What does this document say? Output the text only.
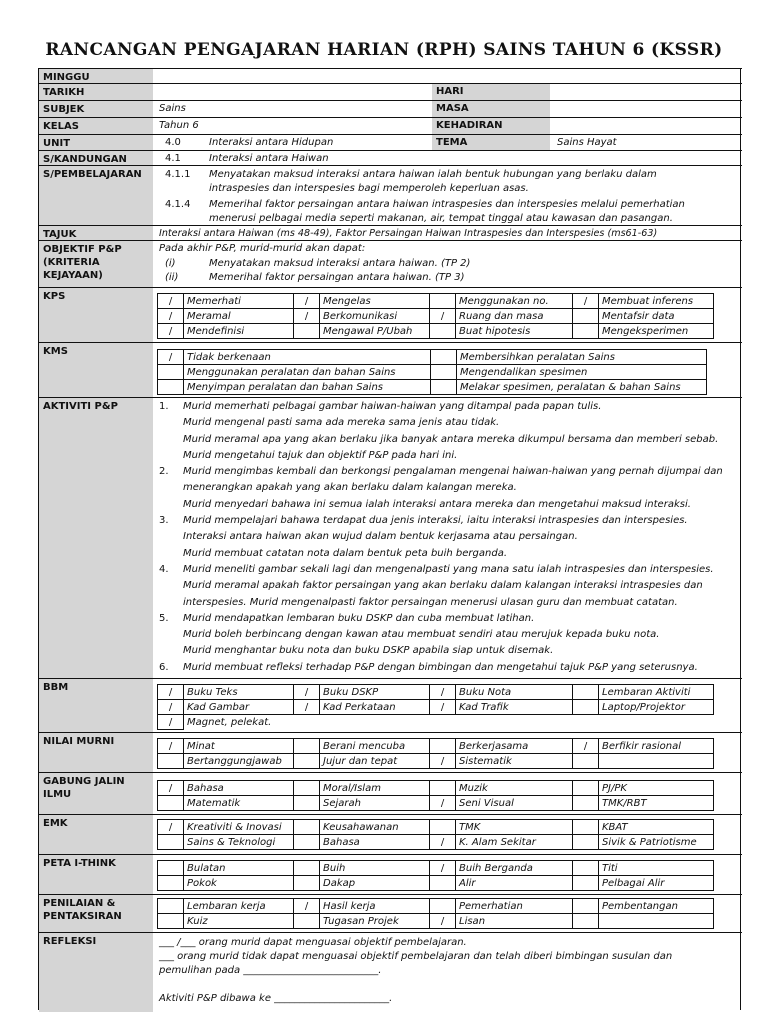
RANCANGAN PENGAJARAN HARIAN (RPH) SAINS TAHUN 6 (KSSR)
MINGGU
TARIKH	HARI
SUBJEK	Sains	MASA
KELAS	Tahun 6	KEHADIRAN
UNIT	4.0	Interaksi antara Hidupan	TEMA	Sains Hayat
S/KANDUNGAN	4.1	Interaksi antara Haiwan
S/PEMBELAJARAN	4.1.1 Menyatakan maksud interaksi antara haiwan ialah bentuk hubungan yang berlaku dalam
intraspesies dan interspesies bagi memperoleh keperluan asas.
4.1.4 Memerihal faktor persaingan antara haiwan intraspesies dan interspesies melalui pemerhatian
menerusi pelbagai media seperti makanan, air, tempat tinggal atau kawasan dan pasangan.
TAJUK	Interaksi antara Haiwan (ms 48-49), Faktor Persaingan Haiwan Intraspesies dan Interspesies (ms61-63)
OBJEKTIF P&P
(KRITERIA
KEJAYAAN)
Pada akhir P&P, murid-murid akan dapat:
(i)	Menyatakan maksud interaksi antara haiwan. (TP 2)
(ii)	Memerihal faktor persaingan antara haiwan. (TP 3)
KPS	/	Memerhati	/	Mengelas		Menggunakan no.	/	Membuat inferens
/	Meramal	/	Berkomunikasi	/	Ruang dan masa		Mentafsir data
/	Mendefinisi		Mengawal P/Ubah		Buat hipotesis		Mengeksperimen
KMS	/	Tidak berkenaan		Membersihkan peralatan Sains
	Menggunakan peralatan dan bahan Sains		Mengendalikan spesimen
	Menyimpan peralatan dan bahan Sains		Melakar spesimen, peralatan & bahan Sains
AKTIVITI P&P	1. Murid memerhati pelbagai gambar haiwan-haiwan yang ditampal pada papan tulis.
Murid mengenal pasti sama ada mereka sama jenis atau tidak.
Murid meramal apa yang akan berlaku jika banyak antara mereka dikumpul bersama dan memberi sebab.
Murid mengetahui tajuk dan objektif P&P pada hari ini.
2. Murid mengimbas kembali dan berkongsi pengalaman mengenai haiwan-haiwan yang pernah dijumpai dan
menerangkan apakah yang akan berlaku dalam kalangan mereka.
Murid menyedari bahawa ini semua ialah interaksi antara mereka dan mengetahui maksud interaksi.
3. Murid mempelajari bahawa terdapat dua jenis interaksi, iaitu interaksi intraspesies dan interspesies.
Interaksi antara haiwan akan wujud dalam bentuk kerjasama atau persaingan.
Murid membuat catatan nota dalam bentuk peta buih berganda.
4. Murid meneliti gambar sekali lagi dan mengenalpasti yang mana satu ialah intraspesies dan interspesies.
Murid meramal apakah faktor persaingan yang akan berlaku dalam kalangan interaksi intraspesies dan
interspesies. Murid mengenalpasti faktor persaingan menerusi ulasan guru dan membuat catatan.
5. Murid mendapatkan lembaran buku DSKP dan cuba membuat latihan.
Murid boleh berbincang dengan kawan atau membuat sendiri atau merujuk kepada buku nota.
Murid menghantar buku nota dan buku DSKP apabila siap untuk disemak.
6. Murid membuat refleksi terhadap P&P dengan bimbingan dan mengetahui tajuk P&P yang seterusnya.
BBM	/	Buku Teks	/	Buku DSKP	/	Buku Nota		Lembaran Aktiviti
/	Kad Gambar	/	Kad Perkataan	/	Kad Trafik		Laptop/Projektor
/	Magnet, pelekat.						
NILAI MURNI	/	Minat		Berani mencuba		Berkerjasama	/	Berfikir rasional
	Bertanggungjawab		Jujur dan tepat	/	Sistematik		
GABUNG JALIN
ILMU
/	Bahasa		Moral/Islam		Muzik		PJ/PK
	Matematik		Sejarah	/	Seni Visual		TMK/RBT
EMK	/	Kreativiti & Inovasi		Keusahawanan		TMK		KBAT
	Sains & Teknologi		Bahasa	/	K. Alam Sekitar		Sivik & Patriotisme
PETA I-THINK
		Bulatan		Buih	/	Buih Berganda		Titi
	Pokok		Dakap		Alir		Pelbagai Alir
PENILAIAN &
PENTAKSIRAN
	Lembaran kerja	/	Hasil kerja		Pemerhatian		Pembentangan
	Kuiz		Tugasan Projek	/	Lisan		
REFLEKSI	___ /___ orang murid dapat menguasai objektif pembelajaran.
___ orang murid tidak dapat menguasai objektif pembelajaran dan telah diberi bimbingan susulan dan
pemulihan pada ___________________________.
Aktiviti P&P dibawa ke _______________________.
